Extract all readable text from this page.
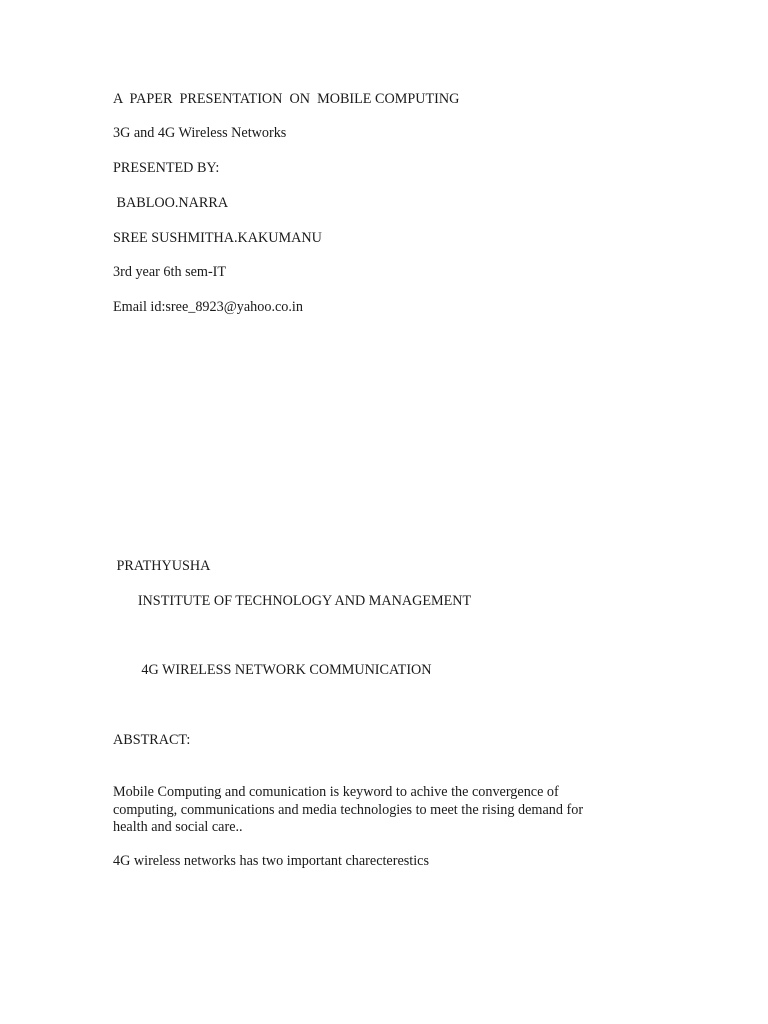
A  PAPER  PRESENTATION  ON  MOBILE COMPUTING
3G and 4G Wireless Networks
PRESENTED BY:
BABLOO.NARRA
SREE SUSHMITHA.KAKUMANU
3rd year 6th sem-IT
Email id:sree_8923@yahoo.co.in
PRATHYUSHA
INSTITUTE OF TECHNOLOGY AND MANAGEMENT
4G WIRELESS NETWORK COMMUNICATION
ABSTRACT:
Mobile Computing and comunication is keyword to achive the convergence of
computing, communications and media technologies to meet the rising demand for
health and social care..
4G wireless networks has two important charecterestics
